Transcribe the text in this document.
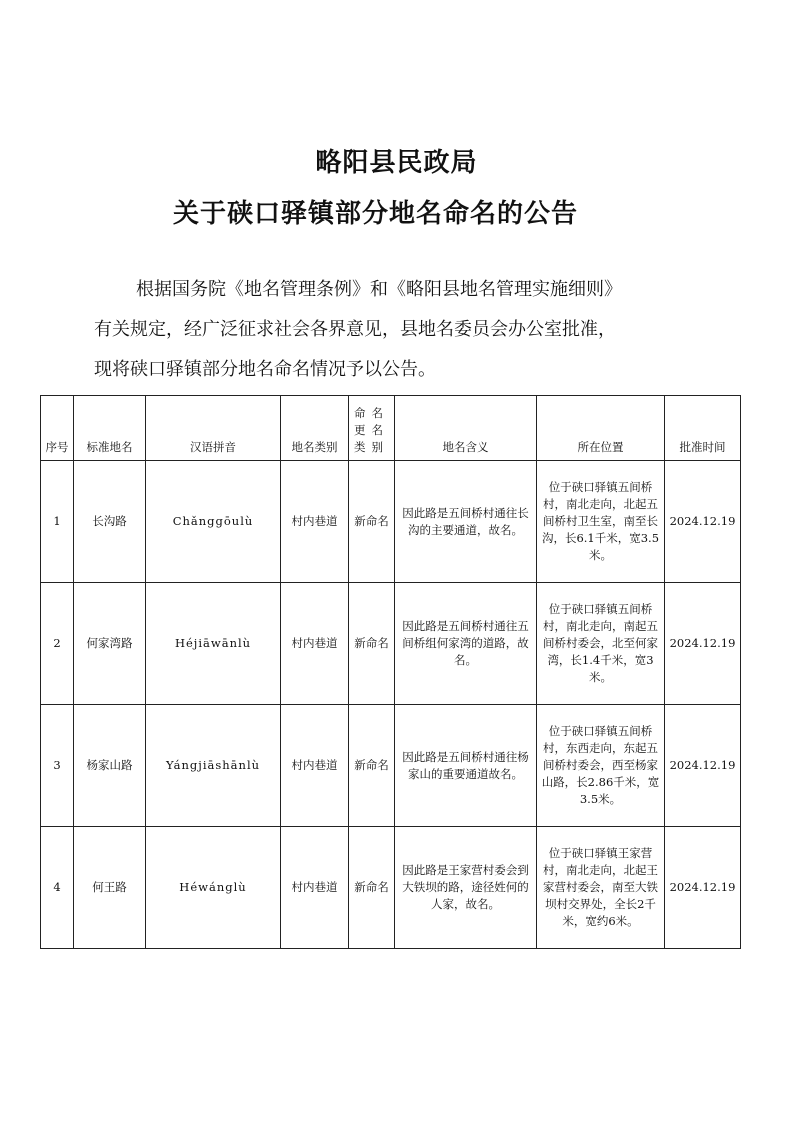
略阳县民政局
关于硖口驿镇部分地名命名的公告
根据国务院《地名管理条例》和《略阳县地名管理实施细则》
有关规定，经广泛征求社会各界意见，县地名委员会办公室批准，
现将硖口驿镇部分地名命名情况予以公告。
序号	标准地名	汉语拼音	地名类别	命名更名类别	地名含义	所在位置	批准时间
1	长沟路	Chǎnggōulù	村内巷道	新命名	因此路是五间桥村通往长沟的主要通道，故名。	位于硖口驿镇五间桥村，南北走向，北起五间桥村卫生室，南至长沟，长6.1千米，宽3.5米。	2024.12.19
2	何家湾路	Héjiāwānlù	村内巷道	新命名	因此路是五间桥村通往五间桥组何家湾的道路，故名。	位于硖口驿镇五间桥村，南北走向，南起五间桥村委会，北至何家湾，长1.4千米，宽3米。	2024.12.19
3	杨家山路	Yángjiāshānlù	村内巷道	新命名	因此路是五间桥村通往杨家山的重要通道故名。	位于硖口驿镇五间桥村，东西走向，东起五间桥村委会，西至杨家山路，长2.86千米，宽3.5米。	2024.12.19
4	何王路	Héwánglù	村内巷道	新命名	因此路是王家营村委会到大铁坝的路，途径姓何的人家，故名。	位于硖口驿镇王家营村，南北走向，北起王家营村委会，南至大铁坝村交界处，全长2千米，宽约6米。	2024.12.19
